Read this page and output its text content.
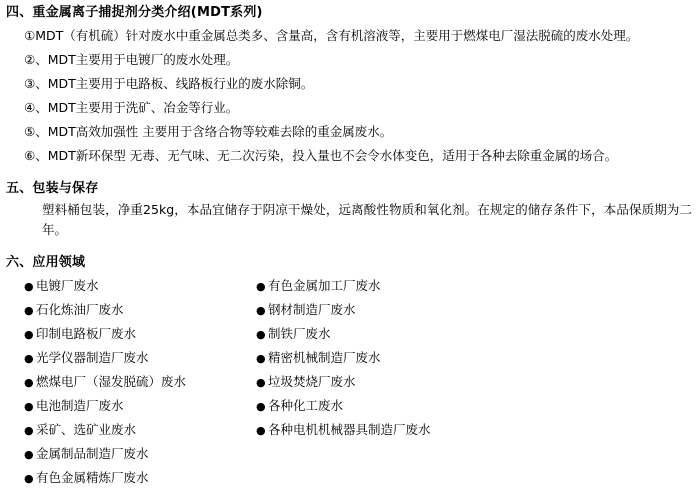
四、重金属离子捕捉剂分类介绍(MDT系列)
①MDT（有机硫）针对废水中重金属总类多、含量高，含有机溶液等，主要用于燃煤电厂湿法脱硫的废水处理。
②、MDT主要用于电镀厂的废水处理。
③、MDT主要用于电路板、线路板行业的废水除铜。
④、MDT主要用于洗矿、冶金等行业。
⑤、MDT高效加强性 主要用于含络合物等较难去除的重金属废水。
⑥、MDT新环保型 无毒、无气味、无二次污染，投入量也不会令水体变色，适用于各种去除重金属的场合。
五、包装与保存

塑料桶包装，净重25kg，本品宜储存于阴凉干燥处，远离酸性物质和氧化剂。在规定的储存条件下，本品保质期为二年。

六、应用领域
● 电镀厂废水
● 石化炼油厂废水
● 印制电路板厂废水
● 光学仪器制造厂废水
● 燃煤电厂（湿发脱硫）废水
● 电池制造厂废水
● 采矿、选矿业废水
● 金属制品制造厂废水
● 有色金属精炼厂废水
● 有色金属加工厂废水
● 钢材制造厂废水
● 制铁厂废水
● 精密机械制造厂废水
● 垃圾焚烧厂废水
● 各种化工废水
● 各种电机机械器具制造厂废水
